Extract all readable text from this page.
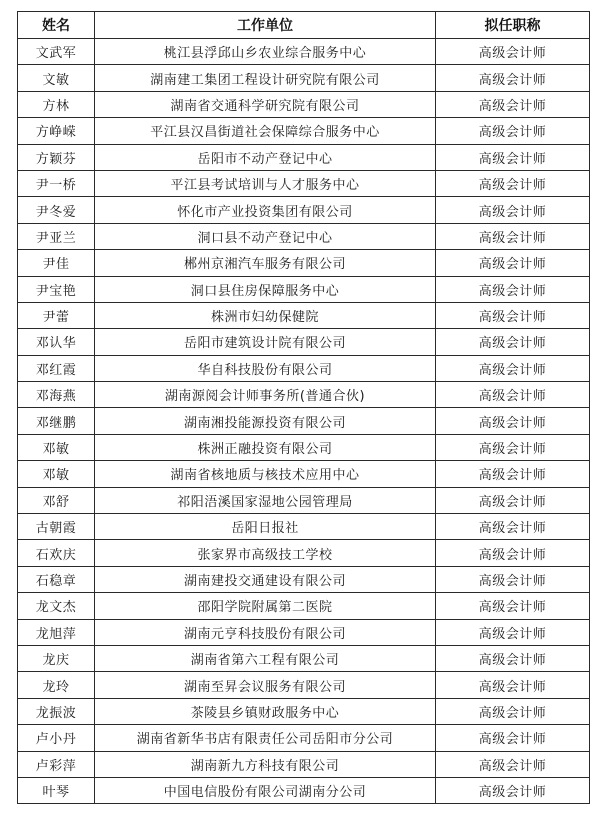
姓名	工作单位	拟任职称
文武军	桃江县浮邱山乡农业综合服务中心	高级会计师
文敏	湖南建工集团工程设计研究院有限公司	高级会计师
方林	湖南省交通科学研究院有限公司	高级会计师
方峥嵘	平江县汉昌街道社会保障综合服务中心	高级会计师
方颖芬	岳阳市不动产登记中心	高级会计师
尹一桥	平江县考试培训与人才服务中心	高级会计师
尹冬爱	怀化市产业投资集团有限公司	高级会计师
尹亚兰	洞口县不动产登记中心	高级会计师
尹佳	郴州京湘汽车服务有限公司	高级会计师
尹宝艳	洞口县住房保障服务中心	高级会计师
尹蕾	株洲市妇幼保健院	高级会计师
邓认华	岳阳市建筑设计院有限公司	高级会计师
邓红霞	华自科技股份有限公司	高级会计师
邓海燕	湖南源阅会计师事务所(普通合伙)	高级会计师
邓继鹏	湖南湘投能源投资有限公司	高级会计师
邓敏	株洲正融投资有限公司	高级会计师
邓敏	湖南省核地质与核技术应用中心	高级会计师
邓舒	祁阳浯溪国家湿地公园管理局	高级会计师
古朝霞	岳阳日报社	高级会计师
石欢庆	张家界市高级技工学校	高级会计师
石稳章	湖南建投交通建设有限公司	高级会计师
龙文杰	邵阳学院附属第二医院	高级会计师
龙旭萍	湖南元亨科技股份有限公司	高级会计师
龙庆	湖南省第六工程有限公司	高级会计师
龙玲	湖南至昇会议服务有限公司	高级会计师
龙振波	茶陵县乡镇财政服务中心	高级会计师
卢小丹	湖南省新华书店有限责任公司岳阳市分公司	高级会计师
卢彩萍	湖南新九方科技有限公司	高级会计师
叶琴	中国电信股份有限公司湖南分公司	高级会计师
